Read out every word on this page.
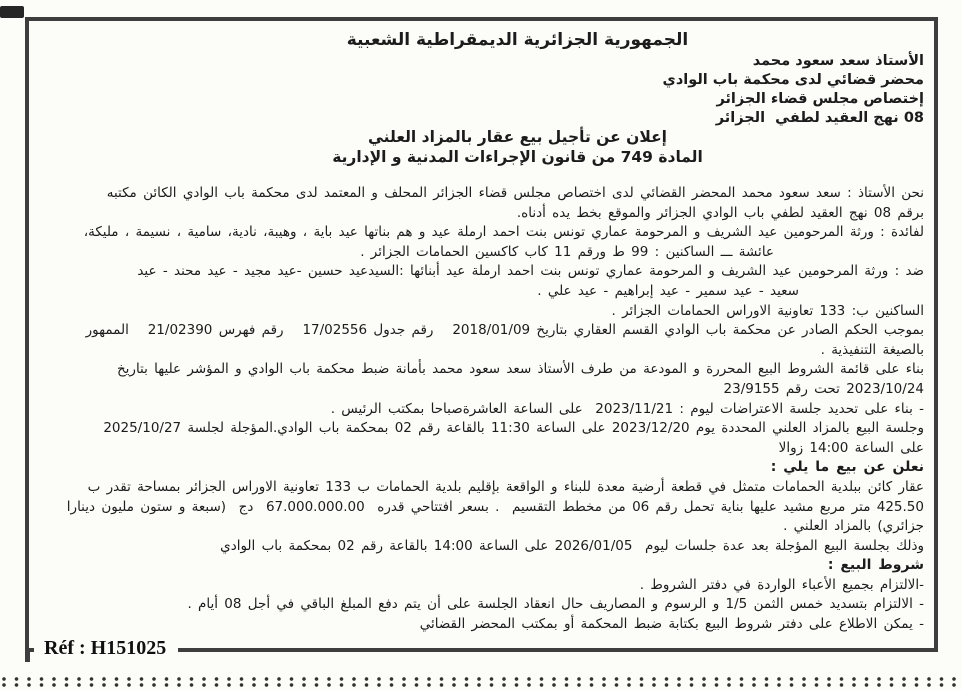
الجمهورية الجزائرية الديمقراطية الشعبية
الأستاذ سعد سعود محمد
محضر قضائي لدى محكمة باب الوادي
إختصاص مجلس قضاء الجزائر
08 نهج العقيد لطفي  الجزائر
إعلان عن تأجيل بيع عقار بالمزاد العلني
المادة 749 من قانون الإجراءات المدنية و الإدارية
نحن الأستاذ : سعد سعود محمد المحضر القضائي لدى اختصاص مجلس قضاء الجزائر المحلف و المعتمد لدى محكمة باب الوادي الكائن مكتبه
برقم 08 نهج العقيد لطفي باب الوادي الجزائر والموقع بخط يده أدناه.
لفائدة : ورثة المرحومين عيد الشريف و المرحومة عماري تونس بنت احمد ارملة عيد و هم بناتها عيد باية ، وهيبة، نادية، سامية ، نسيمة ، مليكة،
عائشة ـــ الساكنين : 99 ط ورقم 11 كاب كاكسين الحمامات الجزائر .
ضد : ورثة المرحومين عيد الشريف و المرحومة عماري تونس بنت احمد ارملة عيد أبنائها :السيدعيد حسين -عيد مجيد - عيد محند - عيد
سعيد - عيد سمير - عيد إبراهيم - عيد علي .
الساكنين ب: 133 تعاونية الاوراس الحمامات الجزائر .
بموجب الحكم الصادر عن محكمة باب الوادي القسم العقاري بتاريخ 2018/01/09   رقم جدول 17/02556   رقم فهرس 21/02390   الممهور
بالصيغة التنفيذية .
بناء على قائمة الشروط البيع المحررة و المودعة من طرف الأستاذ سعد سعود محمد بأمانة ضبط محكمة باب الوادي و المؤشر عليها بتاريخ
2023/10/24 تحت رقم 23/9155
- بناء على تحديد جلسة الاعتراضات ليوم : 2023/11/21  على الساعة العاشرةصباحا بمكتب الرئيس .
وجلسة البيع بالمزاد العلني المحددة يوم 2023/12/20 على الساعة 11:30 بالقاعة رقم 02 بمحكمة باب الوادي.المؤجلة لجلسة 2025/10/27
على الساعة 14:00 زوالا
نعلن عن بيع ما يلي :
عقار كائن ببلدية الحمامات متمثل في قطعة أرضية معدة للبناء و الواقعة بإقليم بلدية الحمامات ب 133 تعاونية الاوراس الجزائر بمساحة تقدر ب
425.50 متر مربع مشيد عليها بناية تحمل رقم 06 من مخطط التقسيم  . بسعر افتتاحي قدره  67.000.000.00  دج  (سبعة و ستون مليون دينارا
جزائري) بالمزاد العلني .
وذلك بجلسة البيع المؤجلة بعد عدة جلسات ليوم  2026/01/05 على الساعة 14:00 بالقاعة رقم 02 بمحكمة باب الوادي
شروط البيع :
-الالتزام بجميع الأعباء الواردة في دفتر الشروط .
- الالتزام بتسديد خمس الثمن 1/5 و الرسوم و المصاريف حال انعقاد الجلسة على أن يتم دفع المبلغ الباقي في أجل 08 أيام .
- يمكن الاطلاع على دفتر شروط البيع بكتابة ضبط المحكمة أو بمكتب المحضر القضائي
Réf : H151025
